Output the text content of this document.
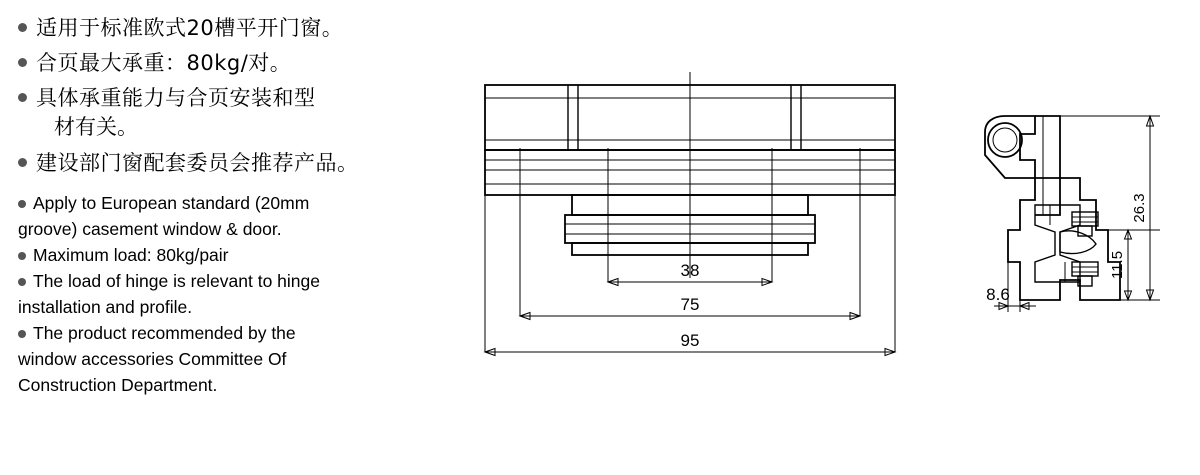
适用于标准欧式20槽平开门窗。
合页最大承重：80kg/对。
具体承重能力与合页安装和型
材有关。
建设部门窗配套委员会推荐产品。
Apply to European standard (20mm
groove) casement window & door.
Maximum load: 80kg/pair
The load of hinge is relevant to hinge
installation and profile.
The product recommended by the
window accessories Committee Of
Construction Department.
38
75
95
26.3
11.5
8.6
